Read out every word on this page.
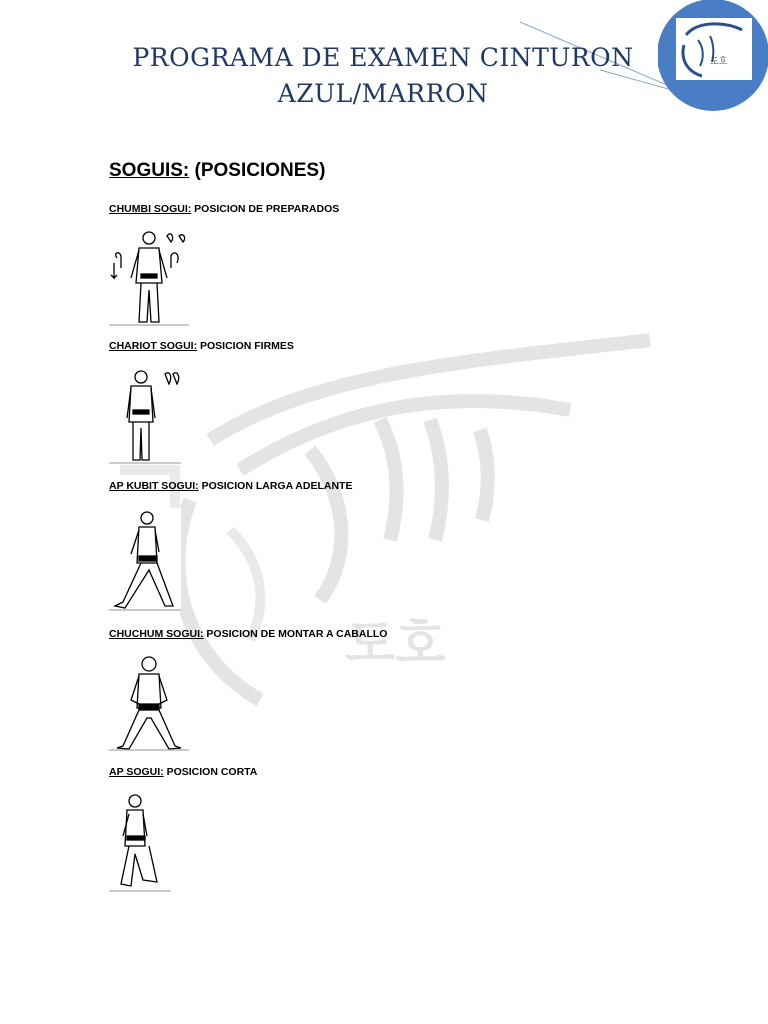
도호
도호
PROGRAMA DE EXAMEN CINTURON
AZUL/MARRON
SOGUIS: (POSICIONES)
CHUMBI SOGUI: POSICION DE PREPARADOS
CHARIOT SOGUI: POSICION FIRMES
AP KUBIT SOGUI: POSICION LARGA ADELANTE
CHUCHUM SOGUI: POSICION DE MONTAR A CABALLO
AP SOGUI: POSICION CORTA
